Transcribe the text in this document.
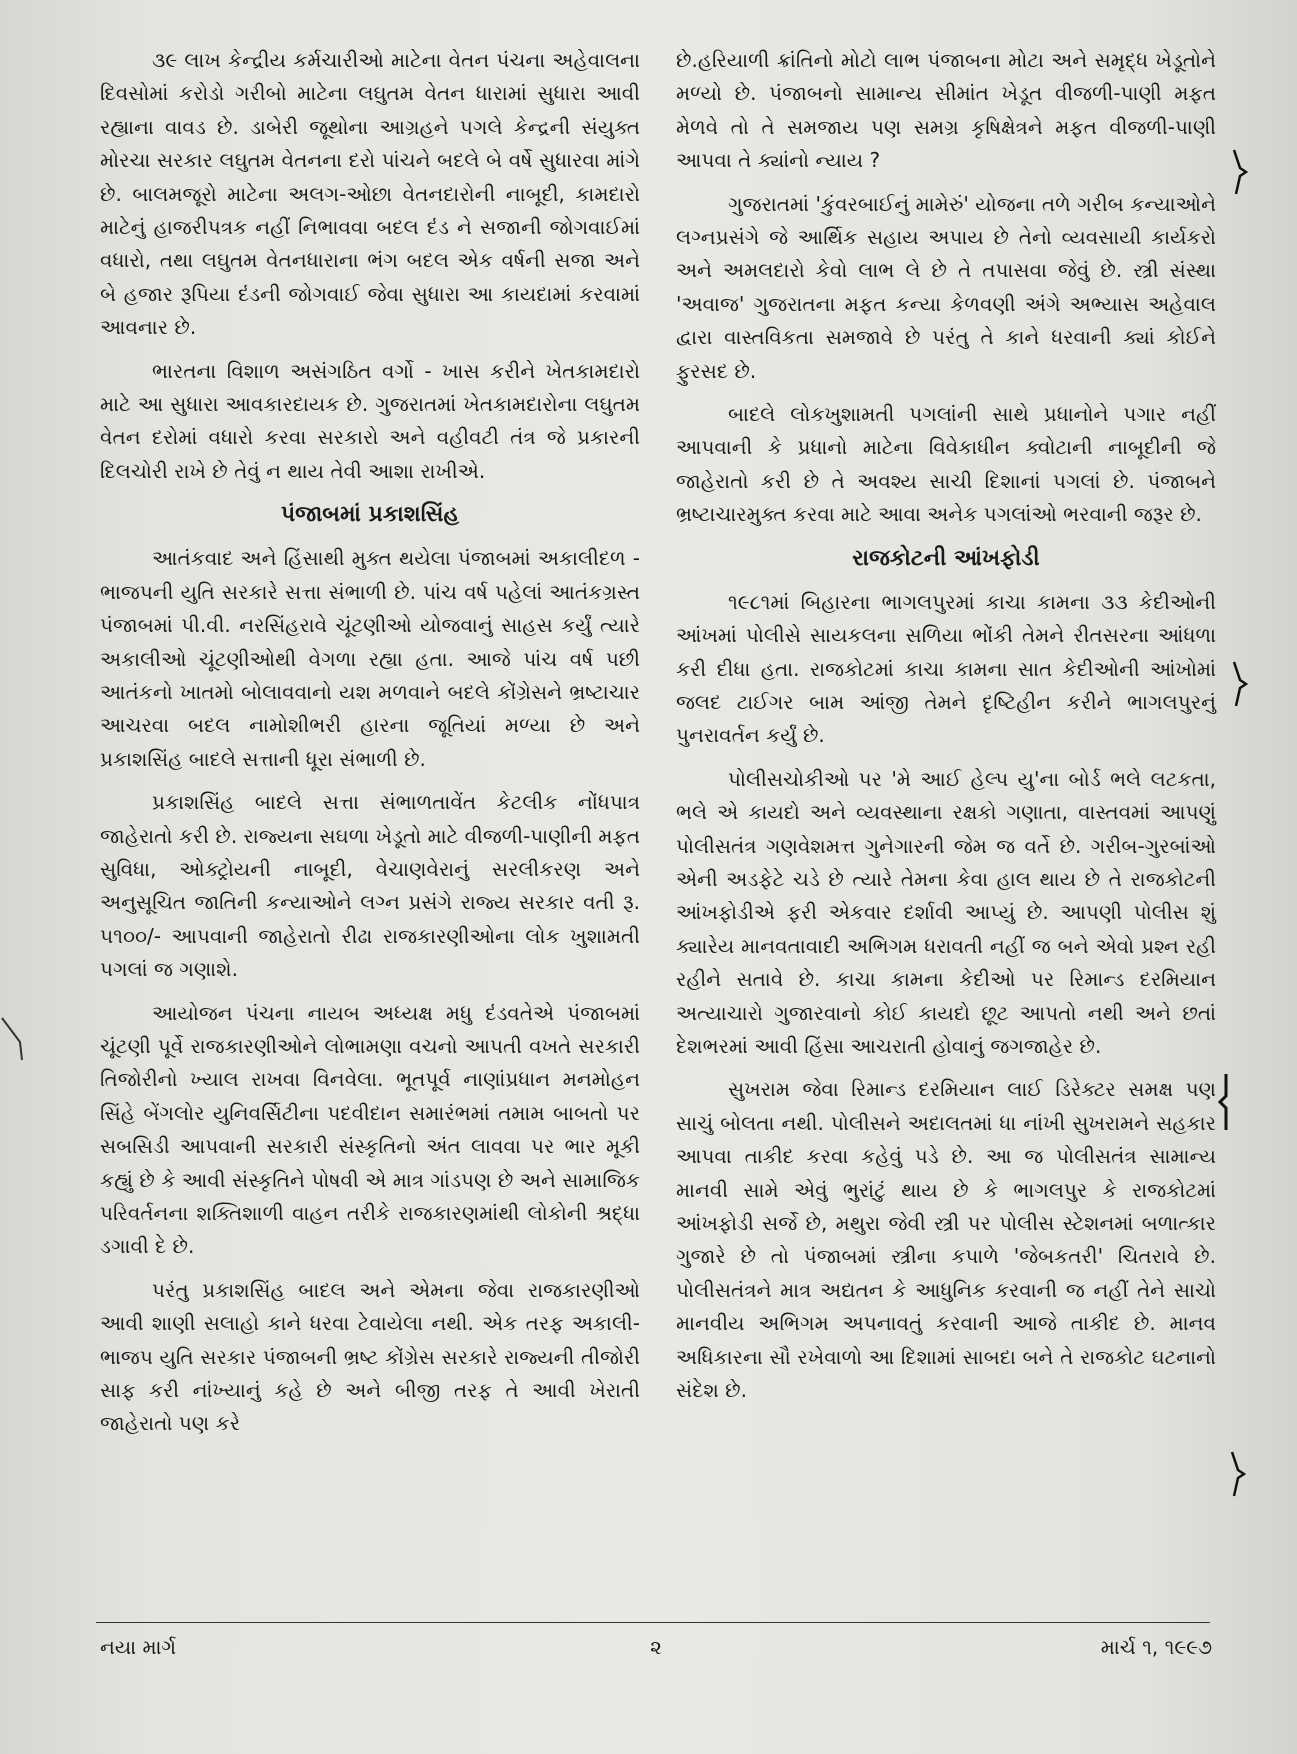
૩૯ લાખ કેન્દ્રીય કર્મચારીઓ માટેના વેતન પંચના અહેવાલના દિવસોમાં કરોડો ગરીબો માટેના લઘુતમ વેતન ધારામાં સુધારા આવી રહ્યાના વાવડ છે. ડાબેરી જૂથોના આગ્રહને પગલે કેન્દ્રની સંયુક્ત મોરચા સરકાર લઘુતમ વેતનના દરો પાંચને બદલે બે વર્ષે સુધારવા માંગે છે. બાલમજૂરો માટેના અલગ-ઓછા વેતનદારોની નાબૂદી, કામદારો માટેનું હાજરીપત્રક નહીં નિભાવવા બદલ દંડ ને સજાની જોગવાઈમાં વધારો, તથા લઘુતમ વેતનધારાના ભંગ બદલ એક વર્ષની સજા અને બે હજાર રૂપિયા દંડની જોગવાઈ જેવા સુધારા આ કાયદામાં કરવામાં આવનાર છે.

ભારતના વિશાળ અસંગઠિત વર્ગો - ખાસ કરીને ખેતકામદારો માટે આ સુધારા આવકારદાયક છે. ગુજરાતમાં ખેતકામદારોના લઘુતમ વેતન દરોમાં વધારો કરવા સરકારો અને વહીવટી તંત્ર જે પ્રકારની દિલચોરી રાખે છે તેવું ન થાય તેવી આશા રાખીએ.

પંજાબમાં પ્રકાશસિંહ

આતંકવાદ અને હિંસાથી મુક્ત થયેલા પંજાબમાં અકાલીદળ - ભાજપની યુતિ સરકારે સત્તા સંભાળી છે. પાંચ વર્ષ પહેલાં આતંકગ્રસ્ત પંજાબમાં પી.વી. નરસિંહરાવે ચૂંટણીઓ યોજવાનું સાહસ કર્યું ત્યારે અકાલીઓ ચૂંટણીઓથી વેગળા રહ્યા હતા. આજે પાંચ વર્ષ પછી આતંકનો ખાતમો બોલાવવાનો યશ મળવાને બદલે કોંગ્રેસને ભ્રષ્ટાચાર આચરવા બદલ નામોશીભરી હારના જૂતિયાં મળ્યા છે અને પ્રકાશસિંહ બાદલે સત્તાની ધૂરા સંભાળી છે.

પ્રકાશસિંહ બાદલે સત્તા સંભાળતાવેંત કેટલીક નોંધપાત્ર જાહેરાતો કરી છે. રાજ્યના સઘળા ખેડૂતો માટે વીજળી-પાણીની મફત સુવિધા, ઓક્ટ્રોયની નાબૂદી, વેચાણવેરાનું સરલીકરણ અને અનુસૂચિત જાતિની કન્યાઓને લગ્ન પ્રસંગે રાજ્ય સરકાર વતી રૂ. ૫૧૦૦/- આપવાની જાહેરાતો રીઢા રાજકારણીઓના લોક ખુશામતી પગલાં જ ગણાશે.

આયોજન પંચના નાયબ અધ્યક્ષ મધુ દંડવતેએ પંજાબમાં ચૂંટણી પૂર્વે રાજકારણીઓને લોભામણા વચનો આપતી વખતે સરકારી તિજોરીનો ખ્યાલ રાખવા વિનવેલા. ભૂતપૂર્વ નાણાંપ્રધાન મનમોહન સિંહે બેંગલોર યુનિવર્સિટીના પદવીદાન સમારંભમાં તમામ બાબતો પર સબસિડી આપવાની સરકારી સંસ્કૃતિનો અંત લાવવા પર ભાર મૂકી કહ્યું છે કે આવી સંસ્કૃતિને પોષવી એ માત્ર ગાંડપણ છે અને સામાજિક પરિવર્તનના શક્તિશાળી વાહન તરીકે રાજકારણમાંથી લોકોની શ્રદ્ધા ડગાવી દે છે.

પરંતુ પ્રકાશસિંહ બાદલ અને એમના જેવા રાજકારણીઓ આવી શાણી સલાહો કાને ધરવા ટેવાયેલા નથી. એક તરફ અકાલી-ભાજપ યુતિ સરકાર પંજાબની ભ્રષ્ટ કોંગ્રેસ સરકારે રાજ્યની તીજોરી સાફ કરી નાંખ્યાનું કહે છે અને બીજી તરફ તે આવી ખેરાતી જાહેરાતો પણ કરે

છે.હરિયાળી ક્રાંતિનો મોટો લાભ પંજાબના મોટા અને સમૃદ્ધ ખેડૂતોને મળ્યો છે. પંજાબનો સામાન્ય સીમાંત ખેડૂત વીજળી-પાણી મફત મેળવે તો તે સમજાય પણ સમગ્ર કૃષિક્ષેત્રને મફત વીજળી-પાણી આપવા તે ક્યાંનો ન્યાય ?

ગુજરાતમાં 'કુંવરબાઈનું મામેરું' યોજના તળે ગરીબ કન્યાઓને લગ્નપ્રસંગે જે આર્થિક સહાય અપાય છે તેનો વ્યવસાયી કાર્યકરો અને અમલદારો કેવો લાભ લે છે તે તપાસવા જેવું છે. સ્ત્રી સંસ્થા 'અવાજ' ગુજરાતના મફત કન્યા કેળવણી અંગે અભ્યાસ અહેવાલ દ્વારા વાસ્તવિકતા સમજાવે છે પરંતુ તે કાને ધરવાની ક્યાં કોઈને ફુરસદ છે.

બાદલે લોકખુશામતી પગલાંની સાથે પ્રધાનોને પગાર નહીં આપવાની કે પ્રધાનો માટેના વિવેકાધીન ક્વોટાની નાબૂદીની જે જાહેરાતો કરી છે તે અવશ્ય સાચી દિશાનાં પગલાં છે. પંજાબને ભ્રષ્ટાચારમુક્ત કરવા માટે આવા અનેક પગલાંઓ ભરવાની જરૂર છે.

રાજકોટની આંખફોડી

૧૯૮૧માં બિહારના ભાગલપુરમાં કાચા કામના ૩૩ કેદીઓની આંખમાં પોલીસે સાયકલના સળિયા ભોંકી તેમને રીતસરના આંધળા કરી દીધા હતા. રાજકોટમાં કાચા કામના સાત કેદીઓની આંખોમાં જલદ ટાઈગર બામ આંજી તેમને દૃષ્ટિહીન કરીને ભાગલપુરનું પુનરાવર્તન કર્યું છે.

પોલીસચોકીઓ પર 'મે આઈ હેલ્પ યુ'ના બોર્ડ ભલે લટકતા, ભલે એ કાયદો અને વ્યવસ્થાના રક્ષકો ગણાતા, વાસ્તવમાં આપણું પોલીસતંત્ર ગણવેશમત્ત ગુનેગારની જેમ જ વર્તે છે. ગરીબ-ગુરબાંઓ એની અડફેટે ચડે છે ત્યારે તેમના કેવા હાલ થાય છે તે રાજકોટની આંખફોડીએ ફરી એકવાર દર્શાવી આપ્યું છે. આપણી પોલીસ શું ક્યારેય માનવતાવાદી અભિગમ ધરાવતી નહીં જ બને એવો પ્રશ્ન રહી રહીને સતાવે છે. કાચા કામના કેદીઓ પર રિમાન્ડ દરમિયાન અત્યાચારો ગુજારવાનો કોઈ કાયદો છૂટ આપતો નથી અને છતાં દેશભરમાં આવી હિંસા આચરાતી હોવાનું જગજાહેર છે.

સુખરામ જેવા રિમાન્ડ દરમિયાન લાઈ ડિરેક્ટર સમક્ષ પણ સાચું બોલતા નથી. પોલીસને અદાલતમાં ધા નાંખી સુખરામને સહકાર આપવા તાકીદ કરવા કહેવું પડે છે. આ જ પોલીસતંત્ર સામાન્ય માનવી સામે એવું ભુરાંટું થાય છે કે ભાગલપુર કે રાજકોટમાં આંખફોડી સર્જે છે, મથુરા જેવી સ્ત્રી પર પોલીસ સ્ટેશનમાં બળાત્કાર ગુજારે છે તો પંજાબમાં સ્ત્રીના કપાળે 'જેબકતરી' ચિતરાવે છે. પોલીસતંત્રને માત્ર અદ્યતન કે આધુનિક કરવાની જ નહીં તેને સાચો માનવીય અભિગમ અપનાવતું કરવાની આજે તાકીદ છે. માનવ અધિકારના સૌ રખેવાળો આ દિશામાં સાબદા બને તે રાજકોટ ઘટનાનો સંદેશ છે.

નયા માર્ગ	૨	માર્ચ ૧, ૧૯૯૭
